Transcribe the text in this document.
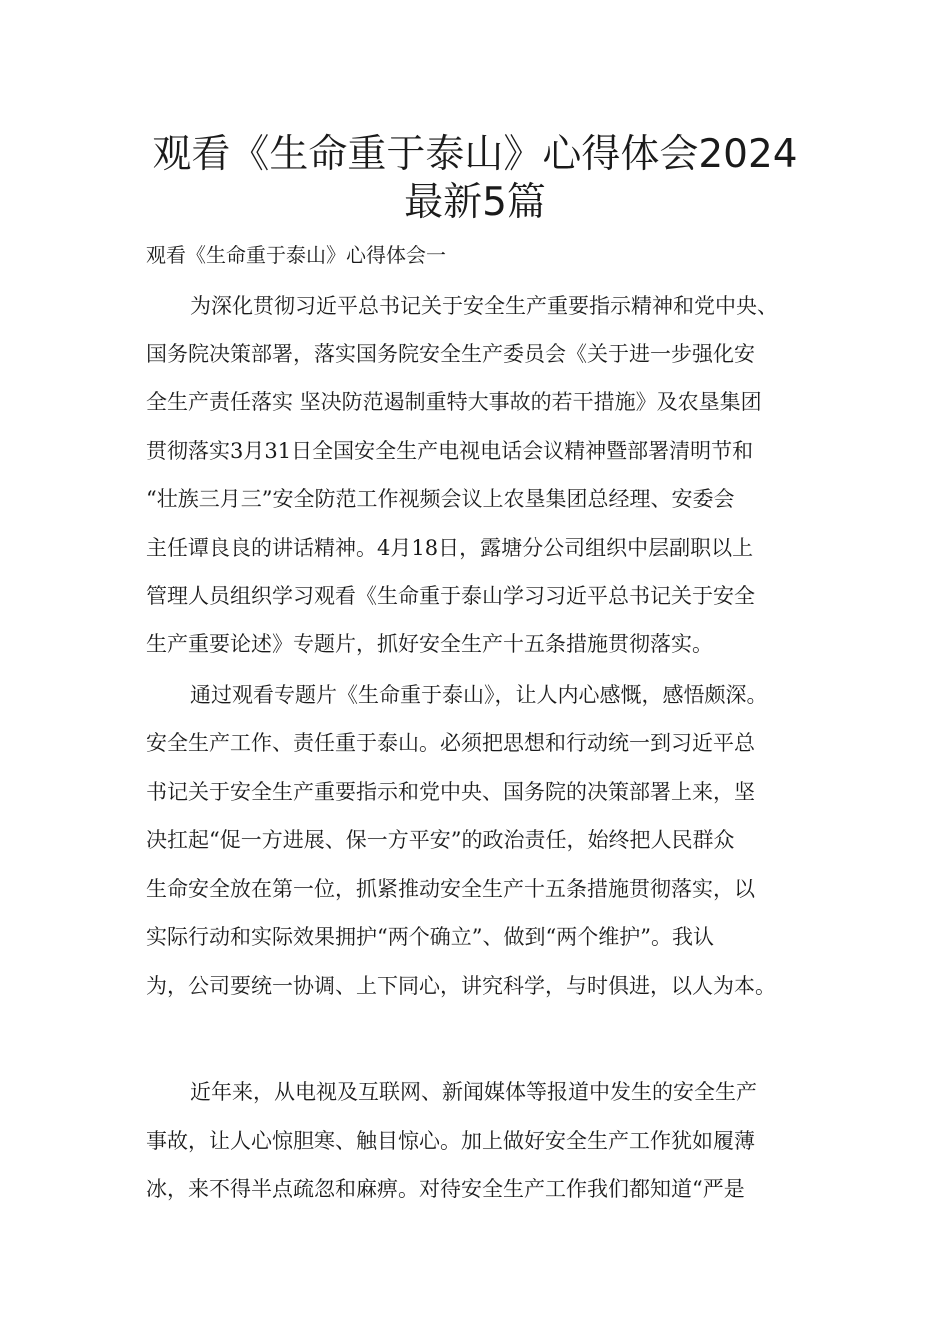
观看《生命重于泰山》心得体会2024
最新5篇
观看《生命重于泰山》心得体会一
为深化贯彻习近平总书记关于安全生产重要指示精神和党中央、
国务院决策部署，落实国务院安全生产委员会《关于进一步强化安
全生产责任落实 坚决防范遏制重特大事故的若干措施》及农垦集团
贯彻落实3月31日全国安全生产电视电话会议精神暨部署清明节和
“壮族三月三”安全防范工作视频会议上农垦集团总经理、安委会
主任谭良良的讲话精神。4月18日，露塘分公司组织中层副职以上
管理人员组织学习观看《生命重于泰山学习习近平总书记关于安全
生产重要论述》专题片，抓好安全生产十五条措施贯彻落实。
通过观看专题片《生命重于泰山》，让人内心感慨，感悟颇深。
安全生产工作、责任重于泰山。必须把思想和行动统一到习近平总
书记关于安全生产重要指示和党中央、国务院的决策部署上来，坚
决扛起“促一方进展、保一方平安”的政治责任，始终把人民群众
生命安全放在第一位，抓紧推动安全生产十五条措施贯彻落实，以
实际行动和实际效果拥护“两个确立”、做到“两个维护”。我认
为，公司要统一协调、上下同心，讲究科学，与时俱进，以人为本。
近年来，从电视及互联网、新闻媒体等报道中发生的安全生产
事故，让人心惊胆寒、触目惊心。加上做好安全生产工作犹如履薄
冰，来不得半点疏忽和麻痹。对待安全生产工作我们都知道“严是
